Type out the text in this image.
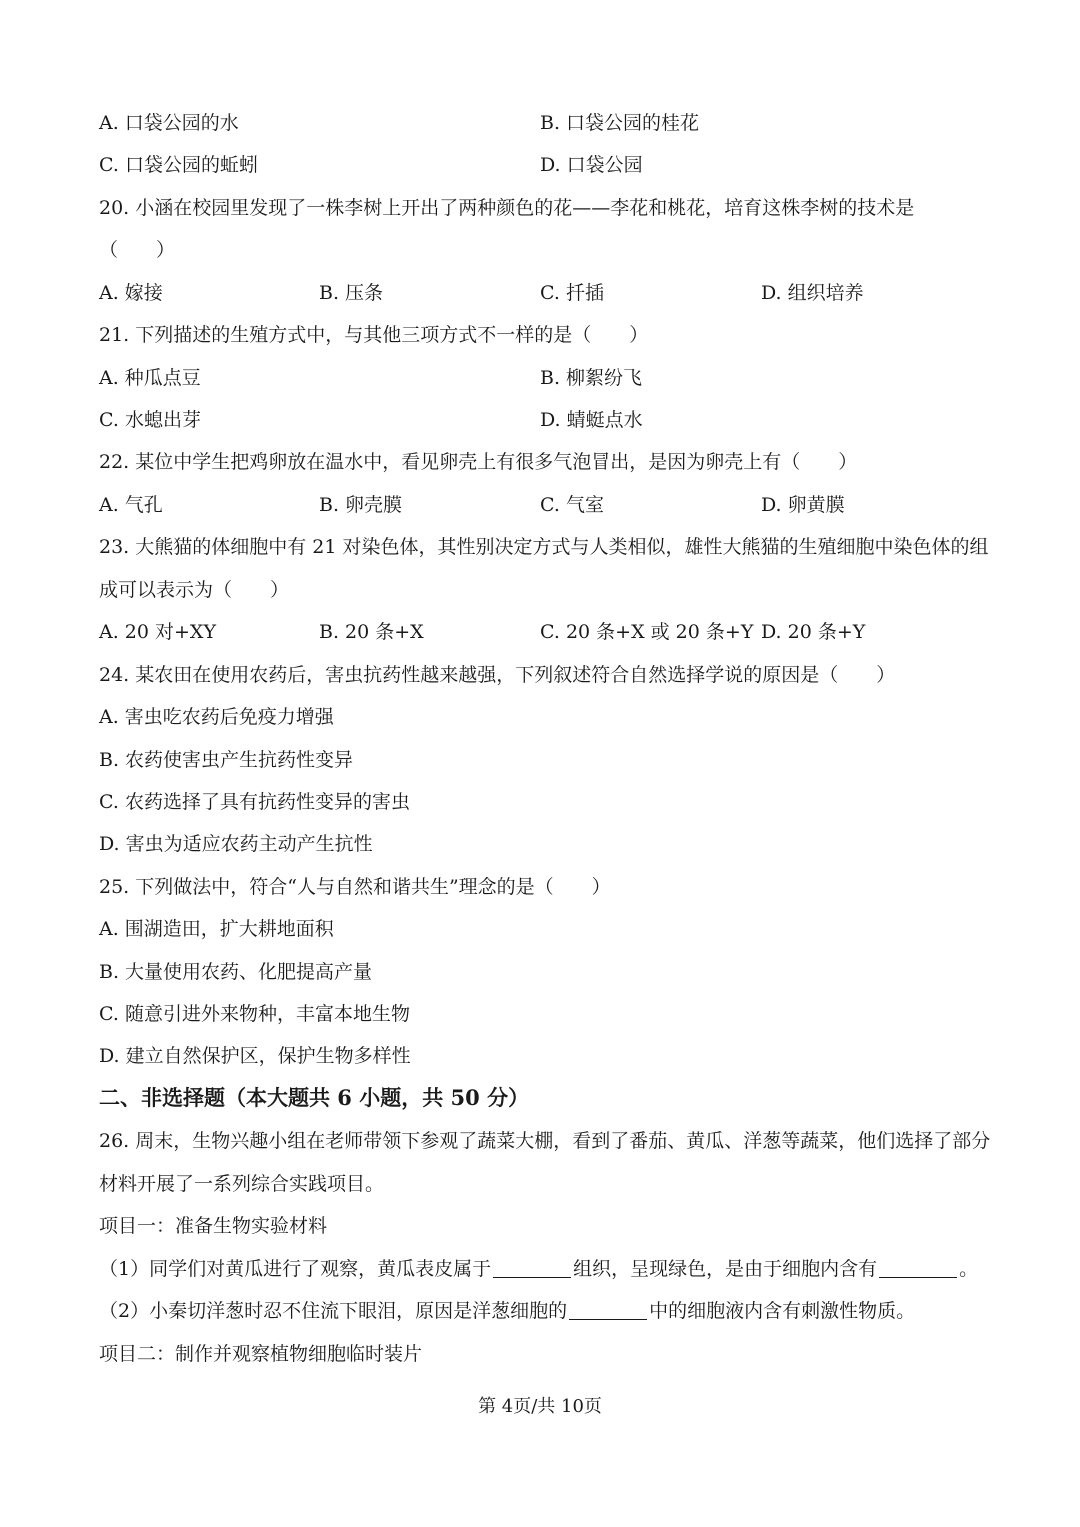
A. 口袋公园的水	B. 口袋公园的桂花
C. 口袋公园的蚯蚓	D. 口袋公园
20. 小涵在校园里发现了一株李树上开出了两种颜色的花——李花和桃花，培育这株李树的技术是
（　　）
A. 嫁接	B. 压条	C. 扦插	D. 组织培养
21. 下列描述的生殖方式中，与其他三项方式不一样的是（　　）
A. 种瓜点豆	B. 柳絮纷飞
C. 水螅出芽	D. 蜻蜓点水
22. 某位中学生把鸡卵放在温水中，看见卵壳上有很多气泡冒出，是因为卵壳上有（　　）
A. 气孔	B. 卵壳膜	C. 气室	D. 卵黄膜
23. 大熊猫的体细胞中有 21 对染色体，其性别决定方式与人类相似，雄性大熊猫的生殖细胞中染色体的组
成可以表示为（　　）
A. 20 对+XY	B. 20 条+X	C. 20 条+X 或 20 条+Y D. 20 条+Y
24. 某农田在使用农药后，害虫抗药性越来越强，下列叙述符合自然选择学说的原因是（　　）
A. 害虫吃农药后免疫力增强
B. 农药使害虫产生抗药性变异
C. 农药选择了具有抗药性变异的害虫
D. 害虫为适应农药主动产生抗性
25. 下列做法中，符合“人与自然和谐共生”理念的是（　　）
A. 围湖造田，扩大耕地面积
B. 大量使用农药、化肥提高产量
C. 随意引进外来物种，丰富本地生物
D. 建立自然保护区，保护生物多样性
二、非选择题（本大题共 6 小题，共 50 分）
26. 周末，生物兴趣小组在老师带领下参观了蔬菜大棚，看到了番茄、黄瓜、洋葱等蔬菜，他们选择了部分
材料开展了一系列综合实践项目。
项目一：准备生物实验材料
（1）同学们对黄瓜进行了观察，黄瓜表皮属于	组织，呈现绿色，是由于细胞内含有	。
（2）小秦切洋葱时忍不住流下眼泪，原因是洋葱细胞的	中的细胞液内含有刺激性物质。
项目二：制作并观察植物细胞临时装片
第 4页/共 10页
